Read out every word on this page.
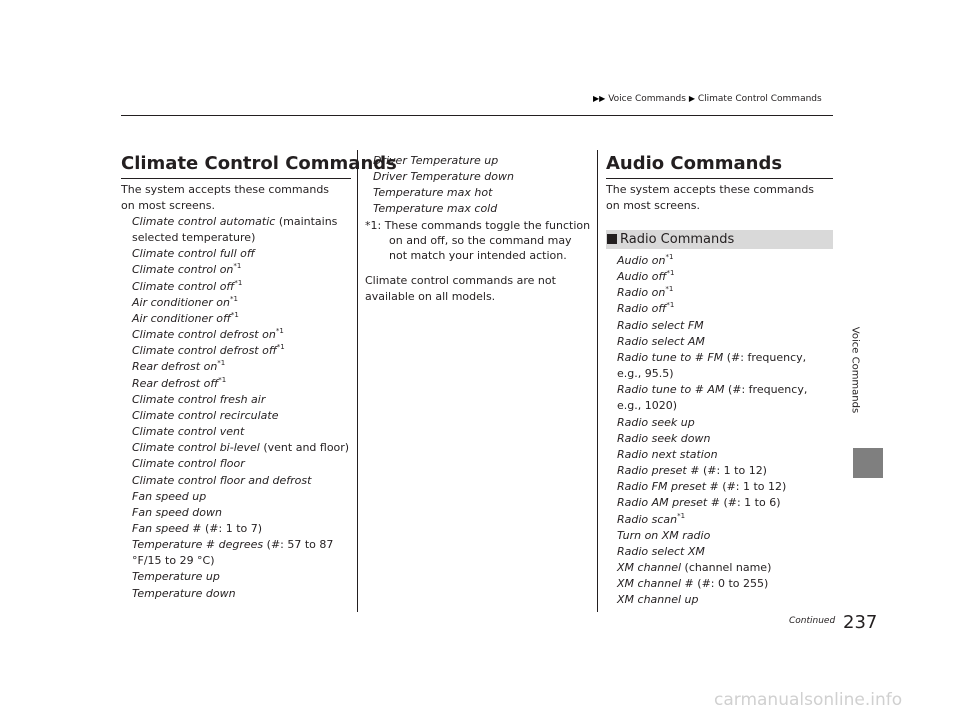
▶▶ Voice Commands ▶ Climate Control Commands
Voice Commands
Climate Control Commands
The system accepts these commands on most screens.
Climate control automatic (maintains selected temperature)
Climate control full off
Climate control $on^{*1}$
Climate control off$^{*1}$
Air conditioner $on^{*1}$
Air conditioner off$^{*1}$
Climate control defrost $on^{*1}$
Climate control defrost off$^{*1}$
Rear defrost $on^{*1}$
Rear defrost off$^{*1}$
Climate control fresh air
Climate control recirculate
Climate control vent
Climate control bi-level (vent and floor)
Climate control floor
Climate control floor and defrost
Fan speed up
Fan speed down
Fan speed # (#: 1 to 7)
Temperature # degrees (#: 57 to 87 °F/15 to 29 °C)
Temperature up
Temperature down
Driver Temperature up
Driver Temperature down
Temperature max hot
Temperature max cold
*1: These commands toggle the function on and off, so the command may not match your intended action.
Climate control commands are not available on all models.
Audio Commands
The system accepts these commands on most screens.
Radio Commands
Audio $on^{*1}$
Audio off$^{*1}$
Radio $on^{*1}$
Radio off$^{*1}$
Radio select FM
Radio select AM
Radio tune to # FM (#: frequency, e.g., 95.5)
Radio tune to # AM (#: frequency, e.g., 1020)
Radio seek up
Radio seek down
Radio next station
Radio preset # (#: 1 to 12)
Radio FM preset # (#: 1 to 12)
Radio AM preset # (#: 1 to 6)
Radio scan$^{*1}$
Turn on XM radio
Radio select XM
XM channel (channel name)
XM channel # (#: 0 to 255)
XM channel up
Continued 237
carmanualsonline.info
